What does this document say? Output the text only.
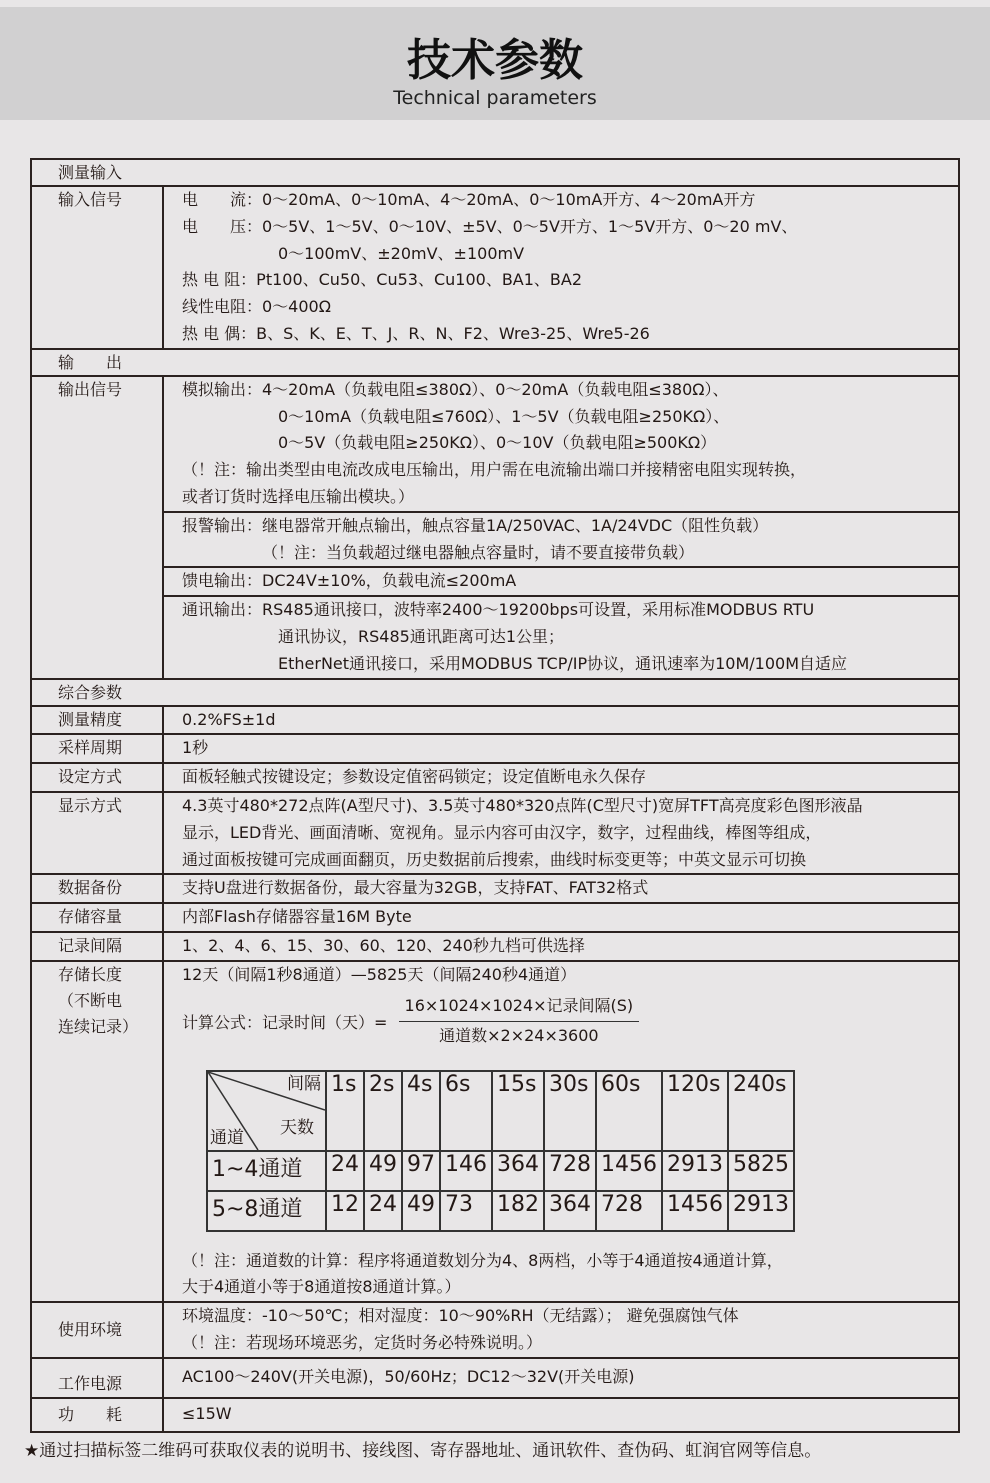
技术参数
Technical parameters
测量输入
输入信号	电　　流：0～20mA、0～10mA、4～20mA、0～10mA开方、4～20mA开方
电　　压：0～5V、1～5V、0～10V、±5V、0～5V开方、1～5V开方、0～20 mV、
0～100mV、±20mV、±100mV
热 电 阻：Pt100、Cu50、Cu53、Cu100、BA1、BA2
线性电阻：0～400Ω
热 电 偶：B、S、K、E、T、J、R、N、F2、Wre3-25、Wre5-26

输　　出
输出信号	模拟输出：4～20mA（负载电阻≤380Ω）、0～20mA（负载电阻≤380Ω）、
0～10mA（负载电阻≤760Ω）、1～5V（负载电阻≥250KΩ）、
0～5V（负载电阻≥250KΩ）、0～10V（负载电阻≥500KΩ）
（！注：输出类型由电流改成电压输出，用户需在电流输出端口并接精密电阻实现转换，
或者订货时选择电压输出模块。）

报警输出：继电器常开触点输出，触点容量1A/250VAC、1A/24VDC（阻性负载）
（！注：当负载超过继电器触点容量时，请不要直接带负载）

馈电输出：DC24V±10%，负载电流≤200mA

通讯输出：RS485通讯接口，波特率2400～19200bps可设置，采用标准MODBUS RTU
通讯协议，RS485通讯距离可达1公里；
EtherNet通讯接口，采用MODBUS TCP/IP协议，通讯速率为10M/100M自适应

综合参数
测量精度	0.2%FS±1d

采样周期	1秒

设定方式	面板轻触式按键设定；参数设定值密码锁定；设定值断电永久保存

显示方式	4.3英寸480*272点阵(A型尺寸)、3.5英寸480*320点阵(C型尺寸)宽屏TFT高亮度彩色图形液晶
显示，LED背光、画面清晰、宽视角。显示内容可由汉字，数字，过程曲线，棒图等组成，
通过面板按键可完成画面翻页，历史数据前后搜索，曲线时标变更等；中英文显示可切换

数据备份	支持U盘进行数据备份，最大容量为32GB，支持FAT、FAT32格式

存储容量	内部Flash存储器容量16M Byte

记录间隔	1、2、4、6、15、30、60、120、240秒九档可供选择

存储长度
（不断电
连续记录）

12天（间隔1秒8通道）—5825天（间隔240秒4通道）
计算公式：记录时间（天）= $\frac{\text{16×1024×1024×记录间隔(S)}}{\text{通道数×2×24×3600}}$
间隔
天数
通道
	1s	2s	4s	6s	15s	30s	60s	120s	240s
1~4通道	24	49	97	146	364	728	1456	2913	5825
5~8通道	12	24	49	73	182	364	728	1456	2913
（！注：通道数的计算：程序将通道数划分为4、8两档，小等于4通道按4通道计算，
大于4通道小等于8通道按8通道计算。）

使用环境	
环境温度：-10～50℃；相对湿度：10～90%RH（无结露）； 避免强腐蚀气体
（！注：若现场环境恶劣，定货时务必特殊说明。）

工作电源	AC100～240V(开关电源)，50/60Hz；DC12～32V(开关电源)

功　　耗	≤15W
★通过扫描标签二维码可获取仪表的说明书、接线图、寄存器地址、通讯软件、查伪码、虹润官网等信息。
